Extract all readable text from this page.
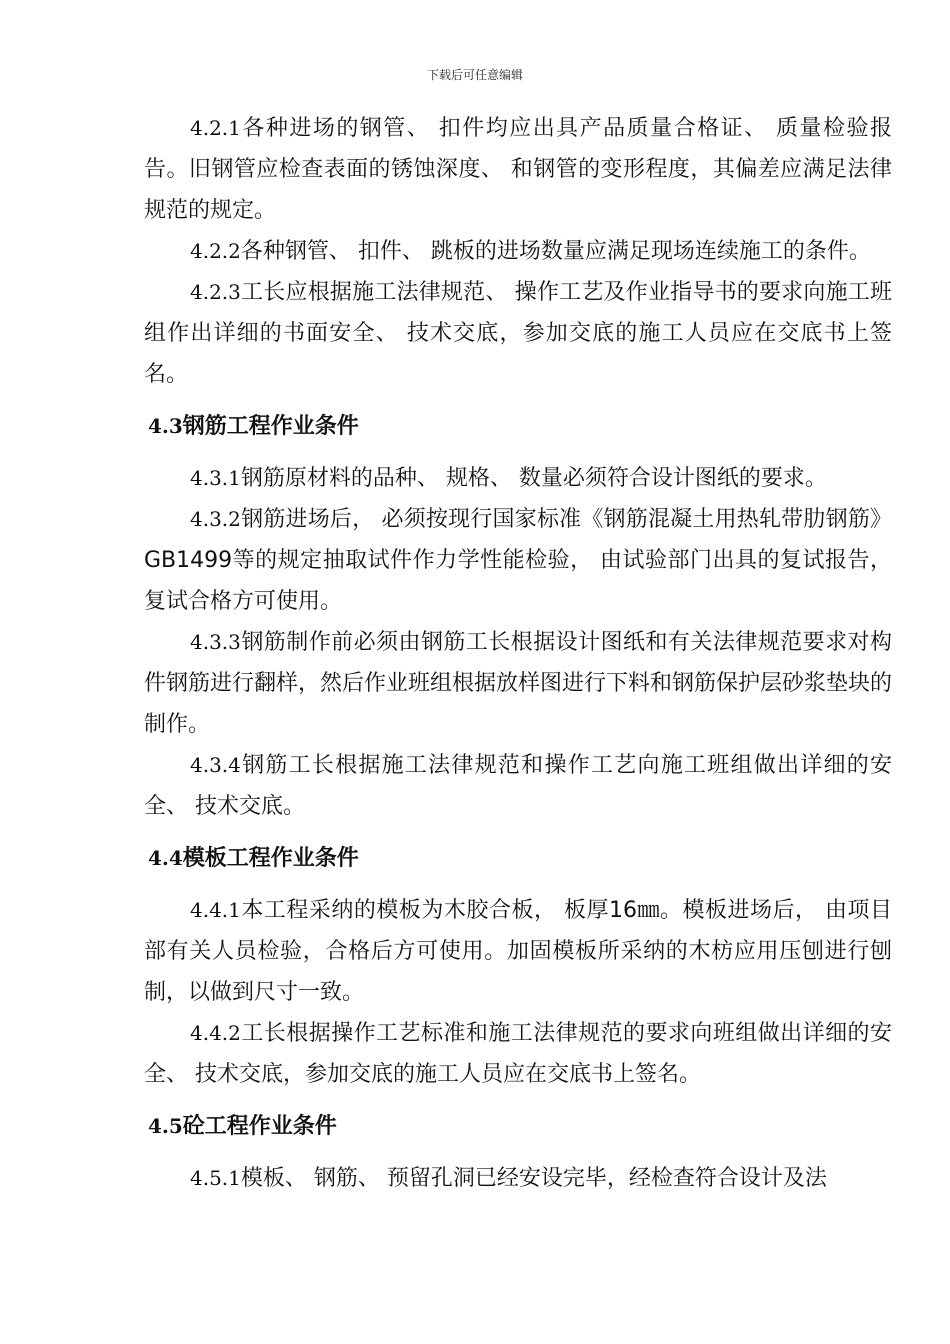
下载后可任意编辑

4.2.1各种进场的钢管、 扣件均应出具产品质量合格证、 质量检验报告。旧钢管应检查表面的锈蚀深度、 和钢管的变形程度，其偏差应满足法律规范的规定。

4.2.2各种钢管、 扣件、 跳板的进场数量应满足现场连续施工的条件。

4.2.3工长应根据施工法律规范、 操作工艺及作业指导书的要求向施工班组作出详细的书面安全、 技术交底，参加交底的施工人员应在交底书上签名。

4.3钢筋工程作业条件

4.3.1钢筋原材料的品种、 规格、 数量必须符合设计图纸的要求。

4.3.2钢筋进场后， 必须按现行国家标准《钢筋混凝土用热轧带肋钢筋》GB1499等的规定抽取试件作力学性能检验， 由试验部门出具的复试报告，复试合格方可使用。

4.3.3钢筋制作前必须由钢筋工长根据设计图纸和有关法律规范要求对构件钢筋进行翻样，然后作业班组根据放样图进行下料和钢筋保护层砂浆垫块的制作。

4.3.4钢筋工长根据施工法律规范和操作工艺向施工班组做出详细的安全、 技术交底。

4.4模板工程作业条件

4.4.1本工程采纳的模板为木胶合板， 板厚16㎜。模板进场后， 由项目部有关人员检验，合格后方可使用。加固模板所采纳的木枋应用压刨进行刨制，以做到尺寸一致。

4.4.2工长根据操作工艺标准和施工法律规范的要求向班组做出详细的安全、 技术交底，参加交底的施工人员应在交底书上签名。

4.5砼工程作业条件

4.5.1模板、 钢筋、 预留孔洞已经安设完毕，经检查符合设计及法
